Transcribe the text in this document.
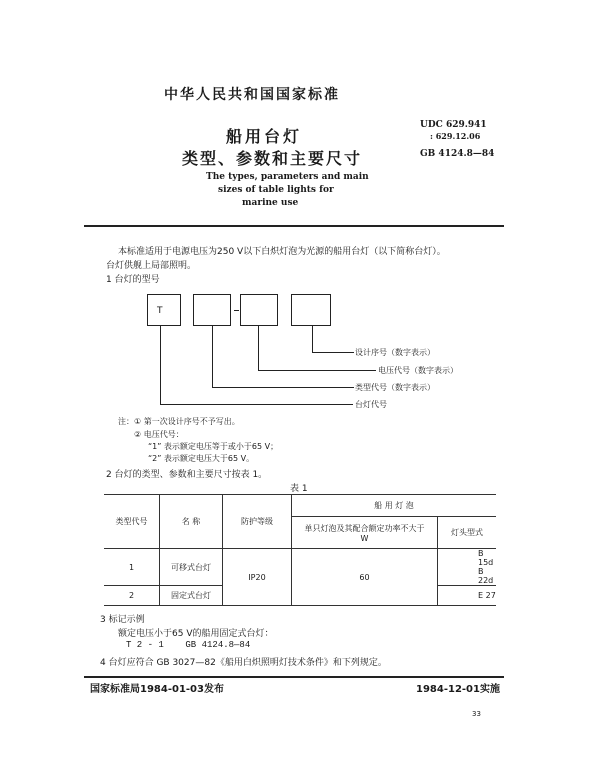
中华人民共和国国家标准
船用台灯
类型、参数和主要尺寸
UDC 629.941
: 629.12.06
GB 4124.8—84
The types, parameters and main
sizes of table lights for
marine use
本标准适用于电源电压为250 V以下白炽灯泡为光源的船用台灯（以下简称台灯）。
台灯供舰上局部照明。
1 台灯的型号
T
设计序号（数字表示）
电压代号（数字表示）
类型代号（数字表示）
台灯代号
注：① 第一次设计序号不予写出。
② 电压代号：
“1” 表示额定电压等于或小于65 V；
“2” 表示额定电压大于65 V。
2 台灯的类型、参数和主要尺寸按表 1。
表 1
类型代号	名 称	防护等级	船 用 灯 泡	

			单只灯泡及其配合额定功率不大于
W	灯头型式
1	可移式台灯	IP20	60	B 15d
B 22d

2	固定式台灯			E 27
3 标记示例
额定电压小于65 V的船用固定式台灯：
T 2 - 1    GB 4124.8—84
4 台灯应符合 GB 3027—82《船用白炽照明灯技术条件》和下列规定。
国家标准局1984-01-03发布	1984-12-01实施
33
